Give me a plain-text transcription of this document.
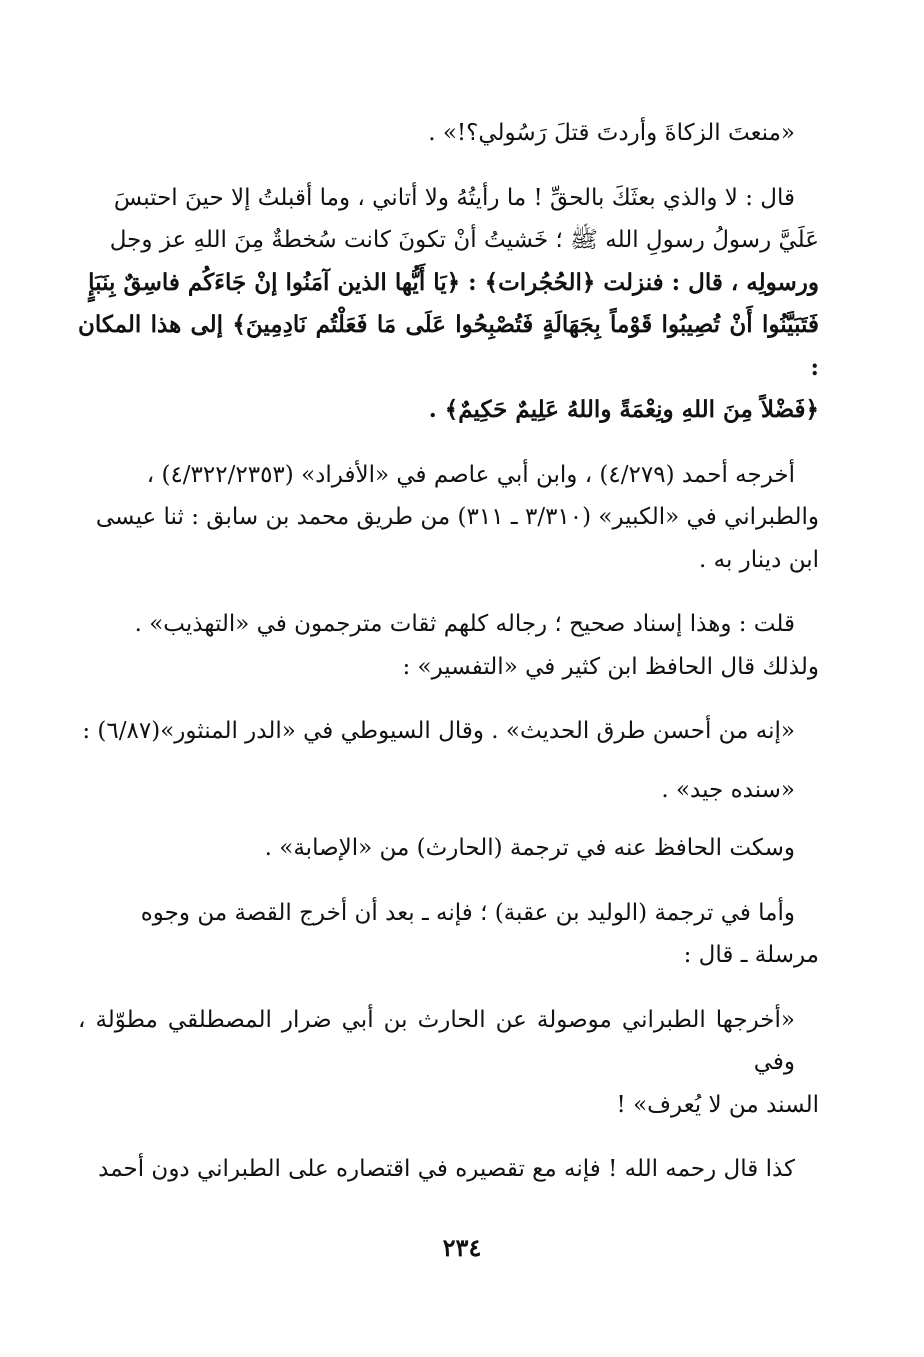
«منعتَ الزكاةَ وأردتَ قتلَ رَسُولي؟!» .

قال : لا والذي بعثَكَ بالحقِّ ! ما رأيتُهُ ولا أتاني ، وما أقبلتُ إلا حينَ احتبسَ
عَلَيَّ رسولُ رسولِ الله ﷺ ؛ خَشيتُ أنْ تكونَ كانت سُخطةٌ مِنَ اللهِ عز وجل
ورسولِه ، قال : فنزلت ﴿الحُجُرات﴾ : ﴿يَا أَيُّها الذين آمَنُوا إنْ جَاءَكُم فاسِقٌ بِنَبَإٍ
فَتَبَيَّنُوا أَنْ تُصِيبُوا قَوْماً بِجَهَالَةٍ فَتُصْبِحُوا عَلَى مَا فَعَلْتُم نَادِمِينَ﴾ إلى هذا المكان :
﴿فَضْلاً مِنَ اللهِ ونِعْمَةً واللهُ عَلِيمٌ حَكِيمٌ﴾ .

أخرجه أحمد (٤/٢٧٩) ، وابن أبي عاصم في «الأفراد» (٤/٣٢٢/٢٣٥٣) ،
والطبراني في «الكبير» (٣/٣١٠ ـ ٣١١) من طريق محمد بن سابق : ثنا عيسى
ابن دينار به .

قلت : وهذا إسناد صحيح ؛ رجاله كلهم ثقات مترجمون في «التهذيب» .
ولذلك قال الحافظ ابن كثير في «التفسير» :

«إنه من أحسن طرق الحديث» . وقال السيوطي في «الدر المنثور»(٦/٨٧) :

«سنده جيد» .

وسكت الحافظ عنه في ترجمة (الحارث) من «الإصابة» .

وأما في ترجمة (الوليد بن عقبة) ؛ فإنه ـ بعد أن أخرج القصة من وجوه
مرسلة ـ قال :

«أخرجها الطبراني موصولة عن الحارث بن أبي ضرار المصطلقي مطوّلة ، وفي
السند من لا يُعرف» !

كذا قال رحمه الله ! فإنه مع تقصيره في اقتصاره على الطبراني دون أحمد

٢٣٤
